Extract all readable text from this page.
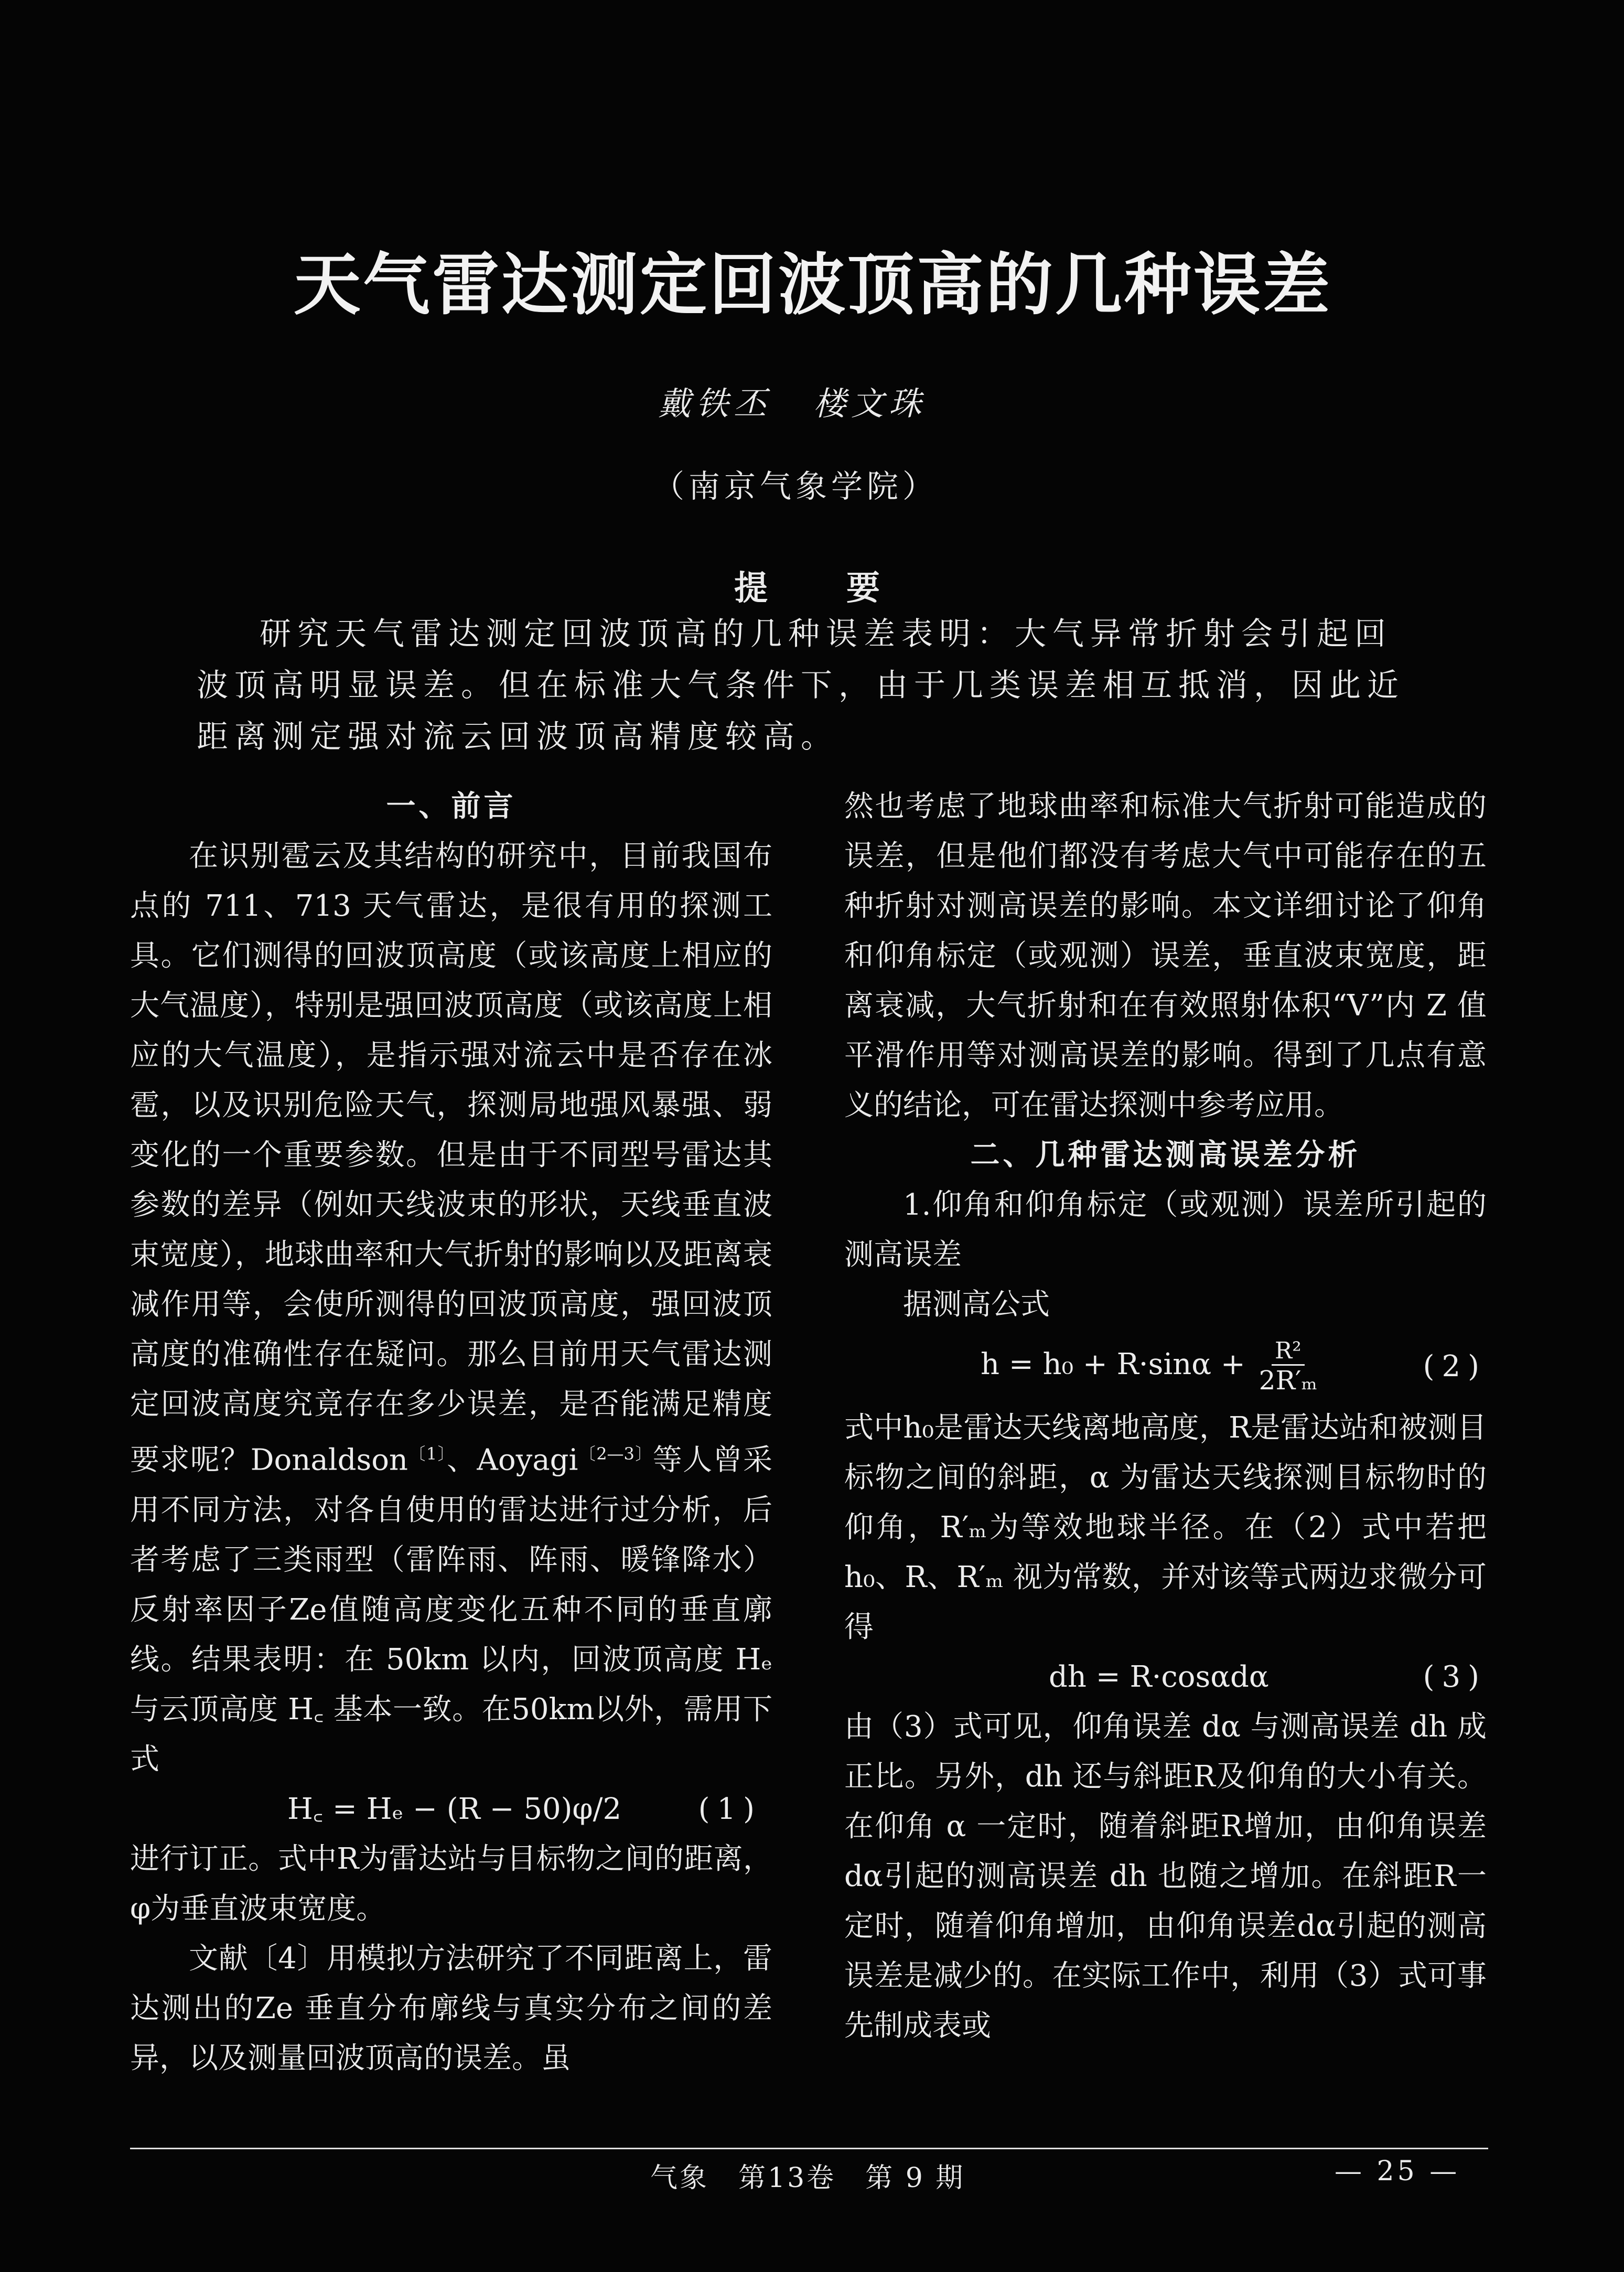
天气雷达测定回波顶高的几种误差
戴铁丕 楼文珠
（南京气象学院）
提要

研究天气雷达测定回波顶高的几种误差表明：大气异常折射会引起回波顶高明显误差。但在标准大气条件下，由于几类误差相互抵消，因此近距离测定强对流云回波顶高精度较高。

一、前言

在识别雹云及其结构的研究中，目前我国布点的 711、713 天气雷达，是很有用的探测工具。它们测得的回波顶高度（或该高度上相应的大气温度），特别是强回波顶高度（或该高度上相应的大气温度），是指示强对流云中是否存在冰雹，以及识别危险天气，探测局地强风暴强、弱变化的一个重要参数。但是由于不同型号雷达其参数的差异（例如天线波束的形状，天线垂直波束宽度），地球曲率和大气折射的影响以及距离衰减作用等，会使所测得的回波顶高度，强回波顶高度的准确性存在疑问。那么目前用天气雷达测定回波高度究竟存在多少误差，是否能满足精度要求呢？Donaldson$^{〔1〕}$、Aoyagi$^{〔2—3〕}$等人曾采用不同方法，对各自使用的雷达进行过分析，后者考虑了三类雨型（雷阵雨、阵雨、暖锋降水）反射率因子Ze值随高度变化五种不同的垂直廓线。结果表明：在 50km 以内，回波顶高度 Hₑ 与云顶高度 H꜀ 基本一致。在50km以外，需用下式

H꜀ = Hₑ − (R − 50)φ/2	(1)

进行订正。式中R为雷达站与目标物之间的距离，φ为垂直波束宽度。

文献〔4〕用模拟方法研究了不同距离上，雷达测出的Ze 垂直分布廓线与真实分布之间的差异，以及测量回波顶高的误差。虽

然也考虑了地球曲率和标准大气折射可能造成的误差，但是他们都没有考虑大气中可能存在的五种折射对测高误差的影响。本文详细讨论了仰角和仰角标定（或观测）误差，垂直波束宽度，距离衰减，大气折射和在有效照射体积“V”内 Z 值平滑作用等对测高误差的影响。得到了几点有意义的结论，可在雷达探测中参考应用。

二、几种雷达测高误差分析

1.仰角和仰角标定（或观测）误差所引起的测高误差

据测高公式

$h = h_0 + R\cdot\sin\alpha + \frac{\text{R²}}{\text{2R′ₘ}}$	(2)

式中h₀是雷达天线离地高度，R是雷达站和被测目标物之间的斜距，α 为雷达天线探测目标物时的仰角，R′ₘ为等效地球半径。在（2）式中若把 h₀、R、R′ₘ 视为常数，并对该等式两边求微分可得

dh = R·cosαdα	(3)

由（3）式可见，仰角误差 dα 与测高误差 dh 成正比。另外，dh 还与斜距R及仰角的大小有关。在仰角 α 一定时，随着斜距R增加，由仰角误差dα引起的测高误差 dh 也随之增加。在斜距R一定时，随着仰角增加，由仰角误差dα引起的测高误差是减少的。在实际工作中，利用（3）式可事先制成表或

气象　第13卷　第 9 期	— 25 —
